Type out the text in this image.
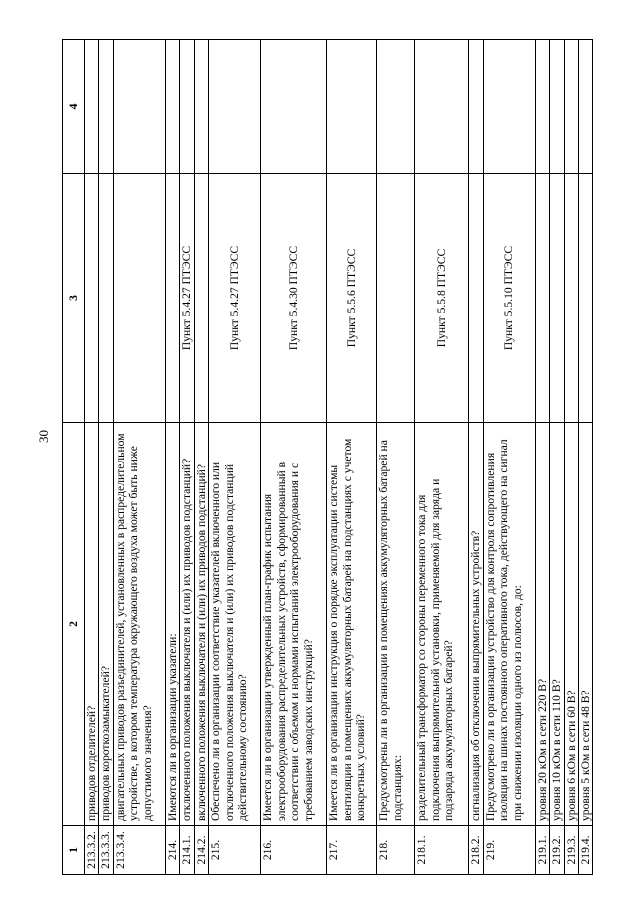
30
1	2	3	4
213.3.2.	приводов отделителей?		
213.3.3.	приводов короткозамыкателей?		
213.3.4.	двигательных приводов разъединителей, установленных в распределительном устройстве, в котором температура окружающего воздуха может быть ниже допустимого значения?		
214.	Имеются ли в организации указатели:		
214.1.	отключенного положения выключателя и (или) их приводов подстанций?	Пункт 5.4.27 ПТЭСС	
214.2.	включенного положения выключателя и (или) их приводов подстанций?		
215.	Обеспечено ли в организации соответствие указателей включенного или отключенного положения выключателя и (или) их приводов подстанций действительному состоянию?	Пункт 5.4.27 ПТЭСС	
216.	Имеется ли в организации утвержденный план-график испытания электрооборудования распределительных устройств, сформированный в соответствии с объемом и нормами испытаний электрооборудования и с требованием заводских инструкций?	Пункт 5.4.30 ПТЭСС	
217.	Имеется ли в организации инструкция о порядке эксплуатации системы вентиляции в помещениях аккумуляторных батарей на подстанциях с учетом конкретных условий?	Пункт 5.5.6 ПТЭСС	
218.	Предусмотрены ли в организации в помещениях аккумуляторных батарей на подстанциях:		
218.1.	разделительный трансформатор со стороны переменного тока для подключения выпрямительной установки, применяемой для заряда и подзаряда аккумуляторных батарей?	Пункт 5.5.8 ПТЭСС	
218.2.	сигнализация об отключении выпрямительных устройств?		
219.	Предусмотрено ли в организации устройство для контроля сопротивления изоляции на шинах постоянного оперативного тока, действующего на сигнал при снижении изоляции одного из полюсов, до:	Пункт 5.5.10 ПТЭСС	
219.1.	уровня 20 кОм в сети 220 В?		
219.2.	уровня 10 кОм в сети 110 В?		
219.3.	уровня 6 кОм в сети 60 В?		
219.4.	уровня 5 кОм в сети 48 В?		
